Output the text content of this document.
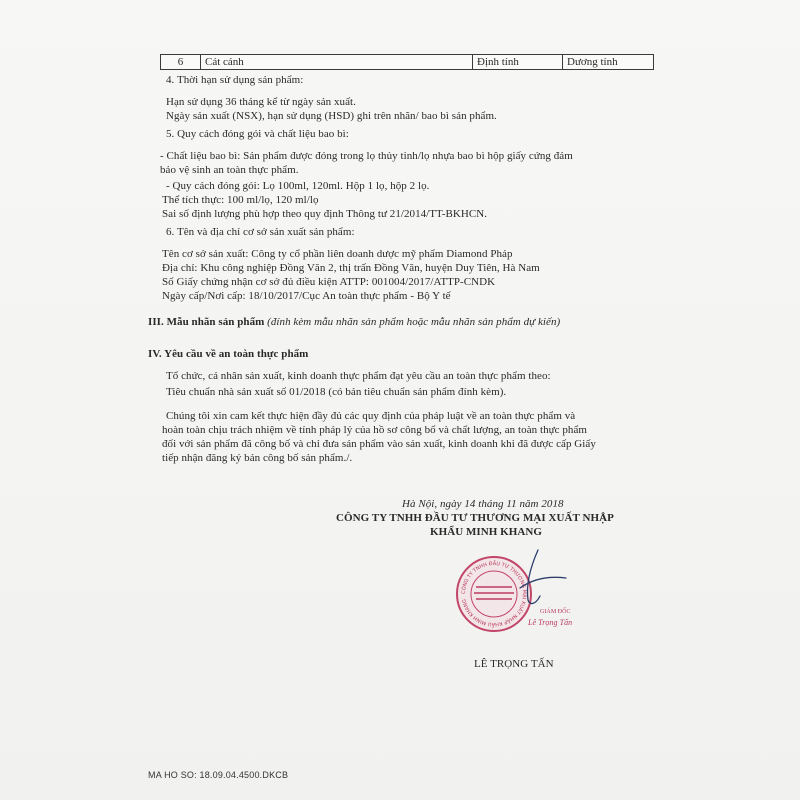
6	Cát cánh	Định tính	Dương tính
4. Thời hạn sử dụng sản phẩm:
Hạn sử dụng 36 tháng kể từ ngày sản xuất.
Ngày sản xuất (NSX), hạn sử dụng (HSD) ghi trên nhãn/ bao bì sản phẩm.
5. Quy cách đóng gói và chất liệu bao bì:
- Chất liệu bao bì: Sản phẩm được đóng trong lọ thủy tinh/lọ nhựa bao bì hộp giấy cứng đảm
bảo vệ sinh an toàn thực phẩm.
- Quy cách đóng gói: Lọ 100ml, 120ml. Hộp 1 lọ, hộp 2 lọ.
Thể tích thực: 100 ml/lọ, 120 ml/lọ
Sai số định lượng phù hợp theo quy định Thông tư 21/2014/TT-BKHCN.
6. Tên và địa chỉ cơ sở sản xuất sản phẩm:
Tên cơ sở sản xuất: Công ty cổ phần liên doanh dược mỹ phẩm Diamond Pháp
Địa chỉ: Khu công nghiệp Đồng Văn 2, thị trấn Đồng Văn, huyện Duy Tiên, Hà Nam
Số Giấy chứng nhận cơ sở đủ điều kiện ATTP: 001004/2017/ATTP-CNDK
Ngày cấp/Nơi cấp: 18/10/2017/Cục An toàn thực phẩm - Bộ Y tế
III. Mẫu nhãn sản phẩm (đính kèm mẫu nhãn sản phẩm hoặc mẫu nhãn sản phẩm dự kiến)
IV. Yêu cầu về an toàn thực phẩm
Tổ chức, cá nhân sản xuất, kinh doanh thực phẩm đạt yêu cầu an toàn thực phẩm theo:
Tiêu chuẩn nhà sản xuất số 01/2018 (có bản tiêu chuẩn sản phẩm đính kèm).
Chúng tôi xin cam kết thực hiện đầy đủ các quy định của pháp luật về an toàn thực phẩm và
hoàn toàn chịu trách nhiệm về tính pháp lý của hồ sơ công bố và chất lượng, an toàn thực phẩm
đối với sản phẩm đã công bố và chỉ đưa sản phẩm vào sản xuất, kinh doanh khi đã được cấp Giấy
tiếp nhận đăng ký bản công bố sản phẩm./.
Hà Nội, ngày 14 tháng 11 năm 2018
CÔNG TY TNHH ĐẦU TƯ THƯƠNG MẠI XUẤT NHẬP
KHẨU MINH KHANG
CÔNG TY TNHH ĐẦU TƯ THƯƠNG MẠI XUẤT NHẬP KHẨU MINH KHANG
GIÁM ĐỐC
Lê Trọng Tấn
LÊ TRỌNG TẤN
MA HO SO: 18.09.04.4500.DKCB
